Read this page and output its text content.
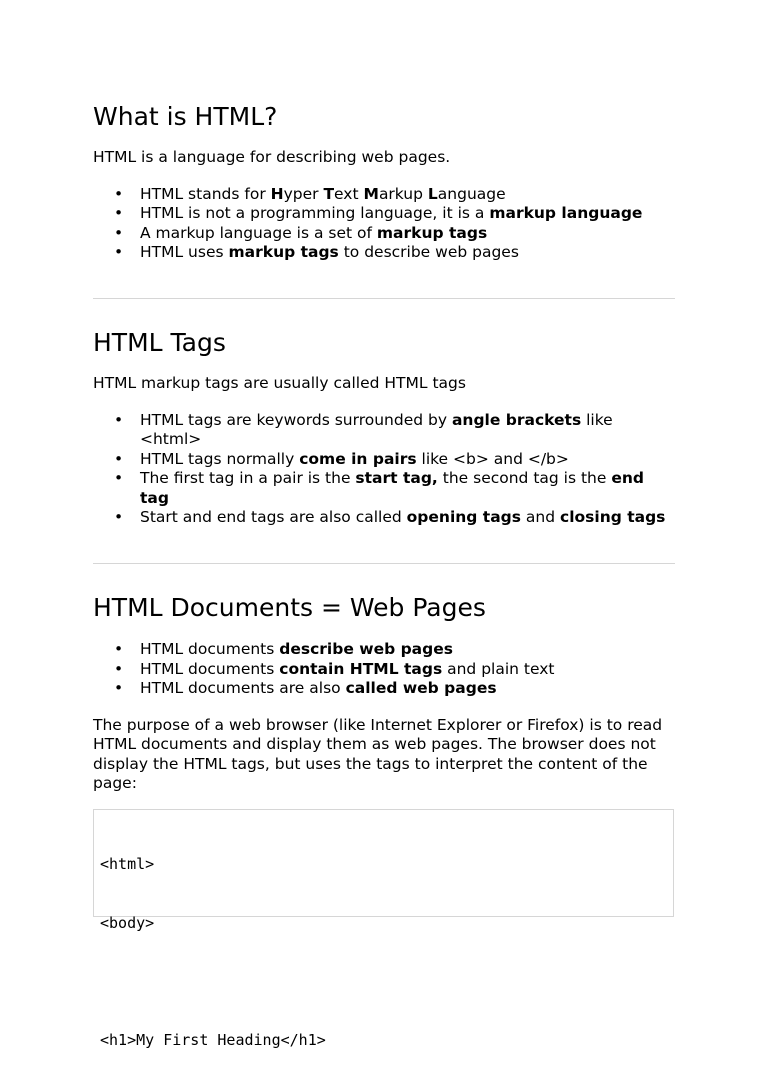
What is HTML?

HTML is a language for describing web pages.

• HTML stands for Hyper Text Markup Language
• HTML is not a programming language, it is a markup language
• A markup language is a set of markup tags
• HTML uses markup tags to describe web pages
HTML Tags

HTML markup tags are usually called HTML tags

• HTML tags are keywords surrounded by angle brackets like <html>
• HTML tags normally come in pairs like <b> and </b>
• The first tag in a pair is the start tag, the second tag is the end tag
• Start and end tags are also called opening tags and closing tags
HTML Documents = Web Pages
• HTML documents describe web pages
• HTML documents contain HTML tags and plain text
• HTML documents are also called web pages

The purpose of a web browser (like Internet Explorer or Firefox) is to read HTML documents and display them as web pages. The browser does not display the HTML tags, but uses the tags to interpret the content of the page:

<html>

<body>

<h1>My First Heading</h1>
